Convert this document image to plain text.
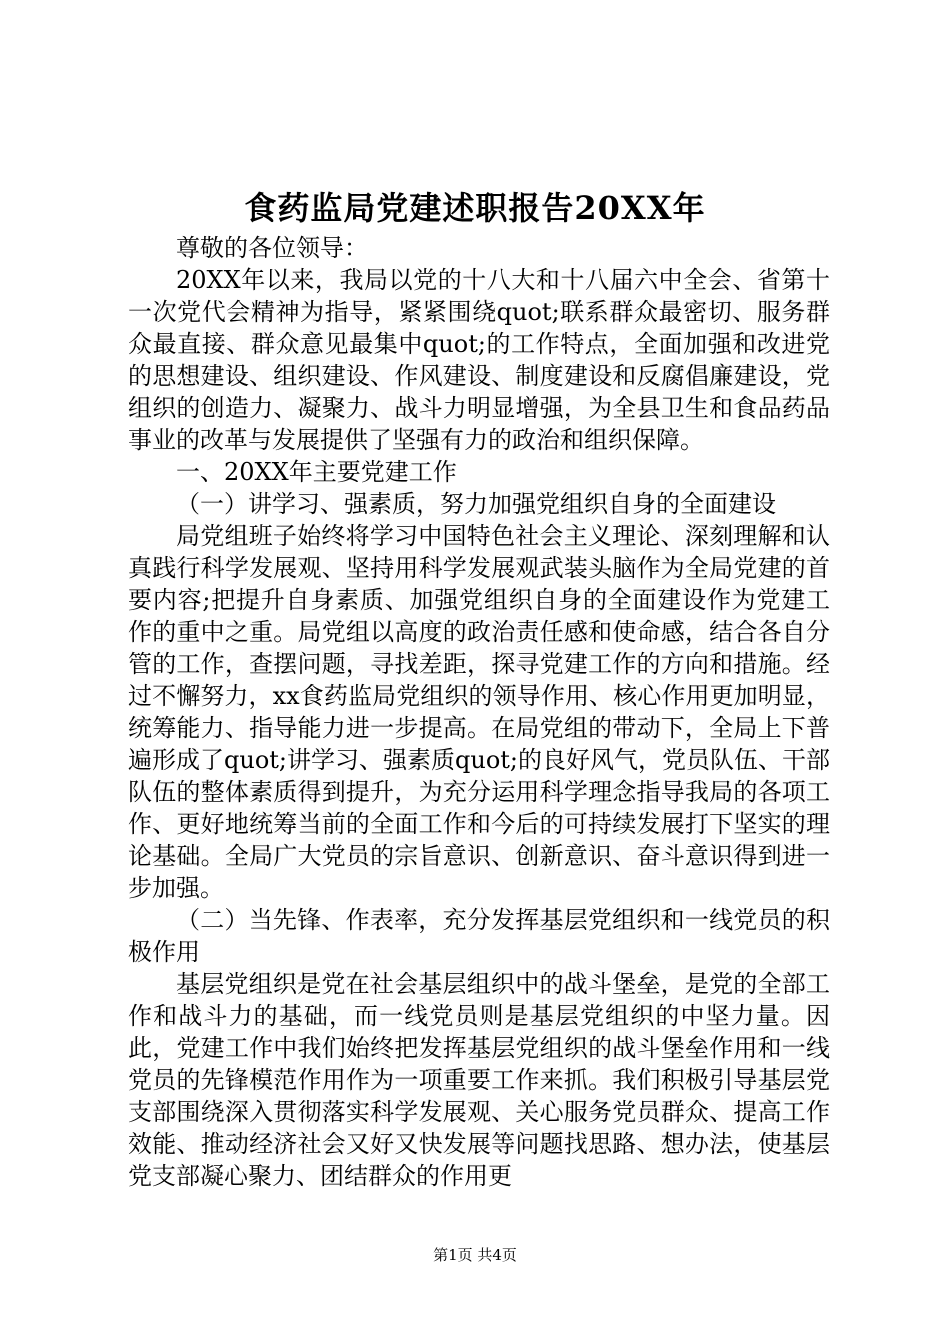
食药监局党建述职报告20XX年

尊敬的各位领导：

20XX年以来，我局以党的十八大和十八届六中全会、省第十一次党代会精神为指导，紧紧围绕quot;联系群众最密切、服务群众最直接、群众意见最集中quot;的工作特点，全面加强和改进党的思想建设、组织建设、作风建设、制度建设和反腐倡廉建设，党组织的创造力、凝聚力、战斗力明显增强，为全县卫生和食品药品事业的改革与发展提供了坚强有力的政治和组织保障。

一、20XX年主要党建工作

（一）讲学习、强素质，努力加强党组织自身的全面建设

局党组班子始终将学习中国特色社会主义理论、深刻理解和认真践行科学发展观、坚持用科学发展观武装头脑作为全局党建的首要内容;把提升自身素质、加强党组织自身的全面建设作为党建工作的重中之重。局党组以高度的政治责任感和使命感，结合各自分管的工作，查摆问题，寻找差距，探寻党建工作的方向和措施。经过不懈努力，xx食药监局党组织的领导作用、核心作用更加明显，统筹能力、指导能力进一步提高。在局党组的带动下，全局上下普遍形成了quot;讲学习、强素质quot;的良好风气，党员队伍、干部队伍的整体素质得到提升，为充分运用科学理念指导我局的各项工作、更好地统筹当前的全面工作和今后的可持续发展打下坚实的理论基础。全局广大党员的宗旨意识、创新意识、奋斗意识得到进一步加强。

（二）当先锋、作表率，充分发挥基层党组织和一线党员的积极作用

基层党组织是党在社会基层组织中的战斗堡垒，是党的全部工作和战斗力的基础，而一线党员则是基层党组织的中坚力量。因此，党建工作中我们始终把发挥基层党组织的战斗堡垒作用和一线党员的先锋模范作用作为一项重要工作来抓。我们积极引导基层党支部围绕深入贯彻落实科学发展观、关心服务党员群众、提高工作效能、推动经济社会又好又快发展等问题找思路、想办法，使基层党支部凝心聚力、团结群众的作用更

第1页 共4页
